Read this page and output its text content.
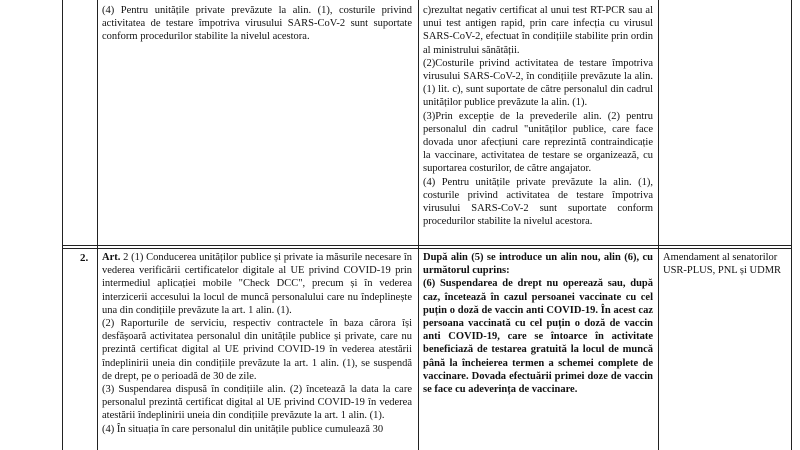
(4) Pentru unitățile private prevăzute la alin. (1), costurile privind activitatea de testare împotriva virusului SARS-CoV-2 sunt suportate conform procedurilor stabilite la nivelul acestora.

c)rezultat negativ certificat al unui test RT-PCR sau al unui test antigen rapid, prin care infecția cu virusul SARS-CoV-2, efectuat în condițiile stabilite prin ordin al ministrului sănătății.

(2)Costurile privind activitatea de testare împotriva virusului SARS-CoV-2, în condițiile prevăzute la alin. (1) lit. c), sunt suportate de către personalul din cadrul unităților publice prevăzute la alin. (1).

(3)Prin excepție de la prevederile alin. (2) pentru personalul din cadrul "unităților publice, care face dovada unor afecțiuni care reprezintă contraindicație la vaccinare, activitatea de testare se organizează, cu suportarea costurilor, de către angajator.

(4) Pentru unitățile private prevăzute la alin. (1), costurile privind activitatea de testare împotriva virusului SARS-CoV-2 sunt suportate conform procedurilor stabilite la nivelul acestora.

2.	Art. 2 (1) Conducerea unităților publice și private ia măsurile necesare în vederea verificării certificatelor digitale al UE privind COVID-19 prin intermediul aplicației mobile "Check DCC", precum și în vederea interzicerii accesului la locul de muncă personalului care nu îndeplinește una din condițiile prevăzute la art. 1 alin. (1).

(2) Raporturile de serviciu, respectiv contractele în baza cărora își desfășoară activitatea personalul din unitățile publice și private, care nu prezintă certificat digital al UE privind COVID-19 în vederea atestării îndeplinirii uneia din condițiile prevăzute la art. 1 alin. (1), se suspendă de drept, pe o perioadă de 30 de zile.

(3) Suspendarea dispusă în condițiile alin. (2) încetează la data la care personalul prezintă certificat digital al UE privind COVID-19 în vederea atestării îndeplinirii uneia din condițiile prevăzute la art. 1 alin. (1).

(4) În situația în care personalul din unitățile publice cumulează 30

După alin (5) se introduce un alin nou, alin (6), cu următorul cuprins:

(6) Suspendarea de drept nu operează sau, după caz, încetează în cazul persoanei vaccinate cu cel puțin o doză de vaccin anti COVID-19. În acest caz persoana vaccinată cu cel puțin o doză de vaccin anti COVID-19, care se întoarce în activitate beneficiază de testarea gratuită la locul de muncă până la încheierea termen a schemei complete de vaccinare. Dovada efectuării primei doze de vaccin se face cu adeverința de vaccinare.

Amendament al senatorilor USR-PLUS, PNL și UDMR
